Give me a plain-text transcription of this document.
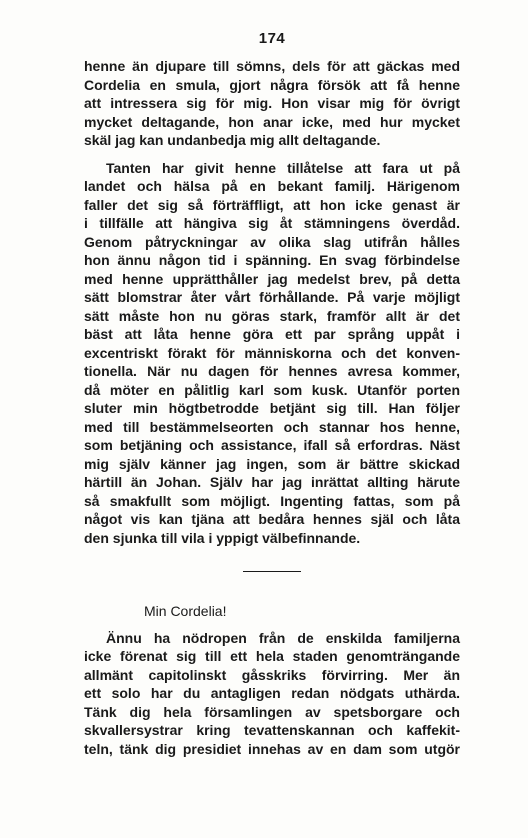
174

henne än djupare till sömns, dels för att gäckas med

Cordelia en smula, gjort några försök att få henne

att intressera sig för mig. Hon visar mig för övrigt

mycket deltagande, hon anar icke, med hur mycket

skäl jag kan undanbedja mig allt deltagande.

Tanten har givit henne tillåtelse att fara ut på

landet och hälsa på en bekant familj. Härigenom

faller det sig så förträffligt, att hon icke genast är

i tillfälle att hängiva sig åt stämningens överdåd.

Genom påtryckningar av olika slag utifrån hålles

hon ännu någon tid i spänning. En svag förbindelse

med henne upprätthåller jag medelst brev, på detta

sätt blomstrar åter vårt förhållande. På varje möjligt

sätt måste hon nu göras stark, framför allt är det

bäst att låta henne göra ett par språng uppåt i

excentriskt förakt för människorna och det konven-

tionella. När nu dagen för hennes avresa kommer,

då möter en pålitlig karl som kusk. Utanför porten

sluter min högtbetrodde betjänt sig till. Han följer

med till bestämmelseorten och stannar hos henne,

som betjäning och assistance, ifall så erfordras. Näst

mig själv känner jag ingen, som är bättre skickad

härtill än Johan. Själv har jag inrättat allting härute

så smakfullt som möjligt. Ingenting fattas, som på

något vis kan tjäna att bedåra hennes själ och låta

den sjunka till vila i yppigt välbefinnande.

Min Cordelia!

Ännu ha nödropen från de enskilda familjerna

icke förenat sig till ett hela staden genomträngande

allmänt capitolinskt gåsskriks förvirring. Mer än

ett solo har du antagligen redan nödgats uthärda.

Tänk dig hela församlingen av spetsborgare och

skvallersystrar kring tevattenskannan och kaffekit-

teln, tänk dig presidiet innehas av en dam som utgör
